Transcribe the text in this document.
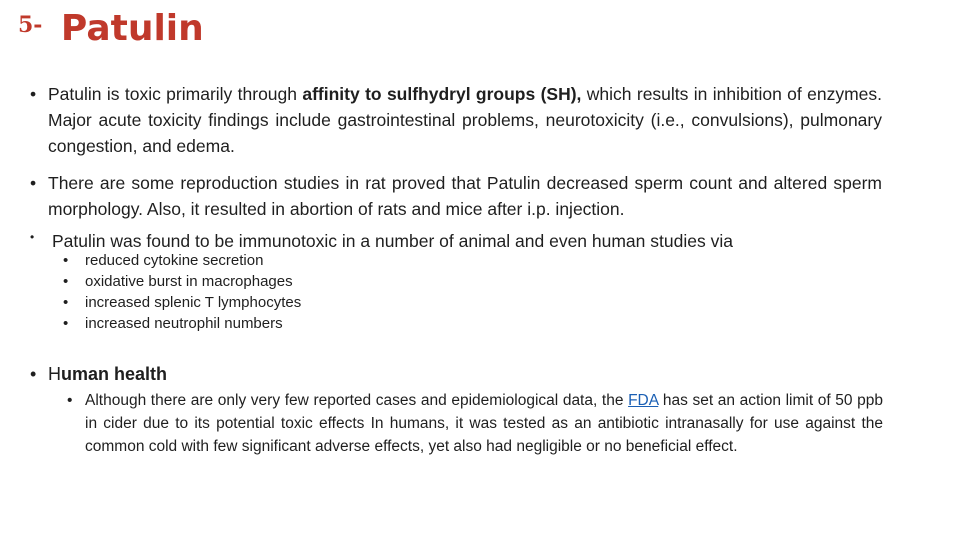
5- Patulin
• Patulin is toxic primarily through affinity to sulfhydryl groups (SH), which results in inhibition of enzymes. Major acute toxicity findings include gastrointestinal problems, neurotoxicity (i.e., convulsions), pulmonary congestion, and edema.
• There are some reproduction studies in rat proved that Patulin decreased sperm count and altered sperm morphology. Also, it resulted in abortion of rats and mice after i.p. injection.
•	Patulin was found to be immunotoxic in a number of animal and even human studies via
• reduced cytokine secretion
• oxidative burst in macrophages
• increased splenic T lymphocytes
• increased neutrophil numbers
• Human health
• Although there are only very few reported cases and epidemiological data, the FDA has set an action limit of 50 ppb in cider due to its potential toxic effects In humans, it was tested as an antibiotic intranasally for use against the common cold with few significant adverse effects, yet also had negligible or no beneficial effect.
